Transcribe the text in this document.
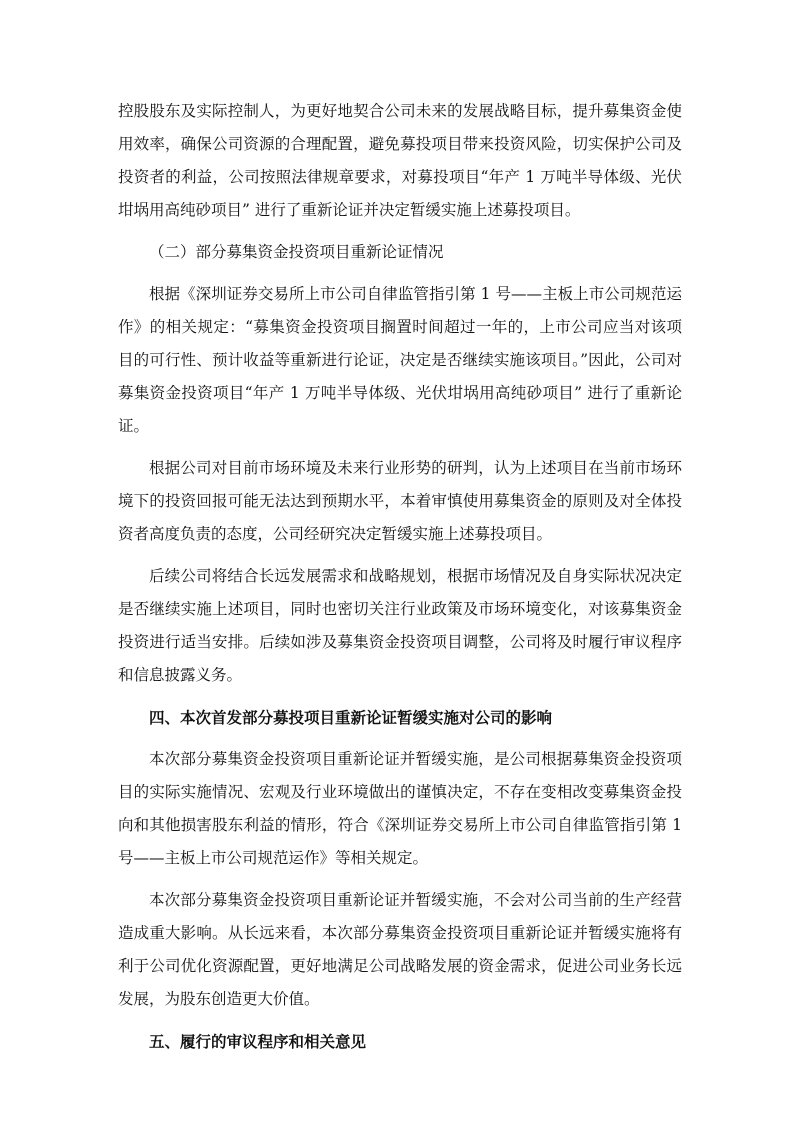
控股股东及实际控制人，为更好地契合公司未来的发展战略目标，提升募集资金使用效率，确保公司资源的合理配置，避免募投项目带来投资风险，切实保护公司及投资者的利益，公司按照法律规章要求，对募投项目“年产 1 万吨半导体级、光伏坩埚用高纯砂项目” 进行了重新论证并决定暂缓实施上述募投项目。

（二）部分募集资金投资项目重新论证情况

根据《深圳证券交易所上市公司自律监管指引第 1 号——主板上市公司规范运作》的相关规定：“募集资金投资项目搁置时间超过一年的，上市公司应当对该项目的可行性、预计收益等重新进行论证，决定是否继续实施该项目。”因此，公司对募集资金投资项目“年产 1 万吨半导体级、光伏坩埚用高纯砂项目” 进行了重新论证。

根据公司对目前市场环境及未来行业形势的研判，认为上述项目在当前市场环境下的投资回报可能无法达到预期水平，本着审慎使用募集资金的原则及对全体投资者高度负责的态度，公司经研究决定暂缓实施上述募投项目。

后续公司将结合长远发展需求和战略规划，根据市场情况及自身实际状况决定是否继续实施上述项目，同时也密切关注行业政策及市场环境变化，对该募集资金投资进行适当安排。后续如涉及募集资金投资项目调整，公司将及时履行审议程序和信息披露义务。

四、本次首发部分募投项目重新论证暂缓实施对公司的影响

本次部分募集资金投资项目重新论证并暂缓实施，是公司根据募集资金投资项目的实际实施情况、宏观及行业环境做出的谨慎决定，不存在变相改变募集资金投向和其他损害股东利益的情形，符合《深圳证券交易所上市公司自律监管指引第 1 号——主板上市公司规范运作》等相关规定。

本次部分募集资金投资项目重新论证并暂缓实施，不会对公司当前的生产经营造成重大影响。从长远来看，本次部分募集资金投资项目重新论证并暂缓实施将有利于公司优化资源配置，更好地满足公司战略发展的资金需求，促进公司业务长远发展，为股东创造更大价值。

五、履行的审议程序和相关意见
